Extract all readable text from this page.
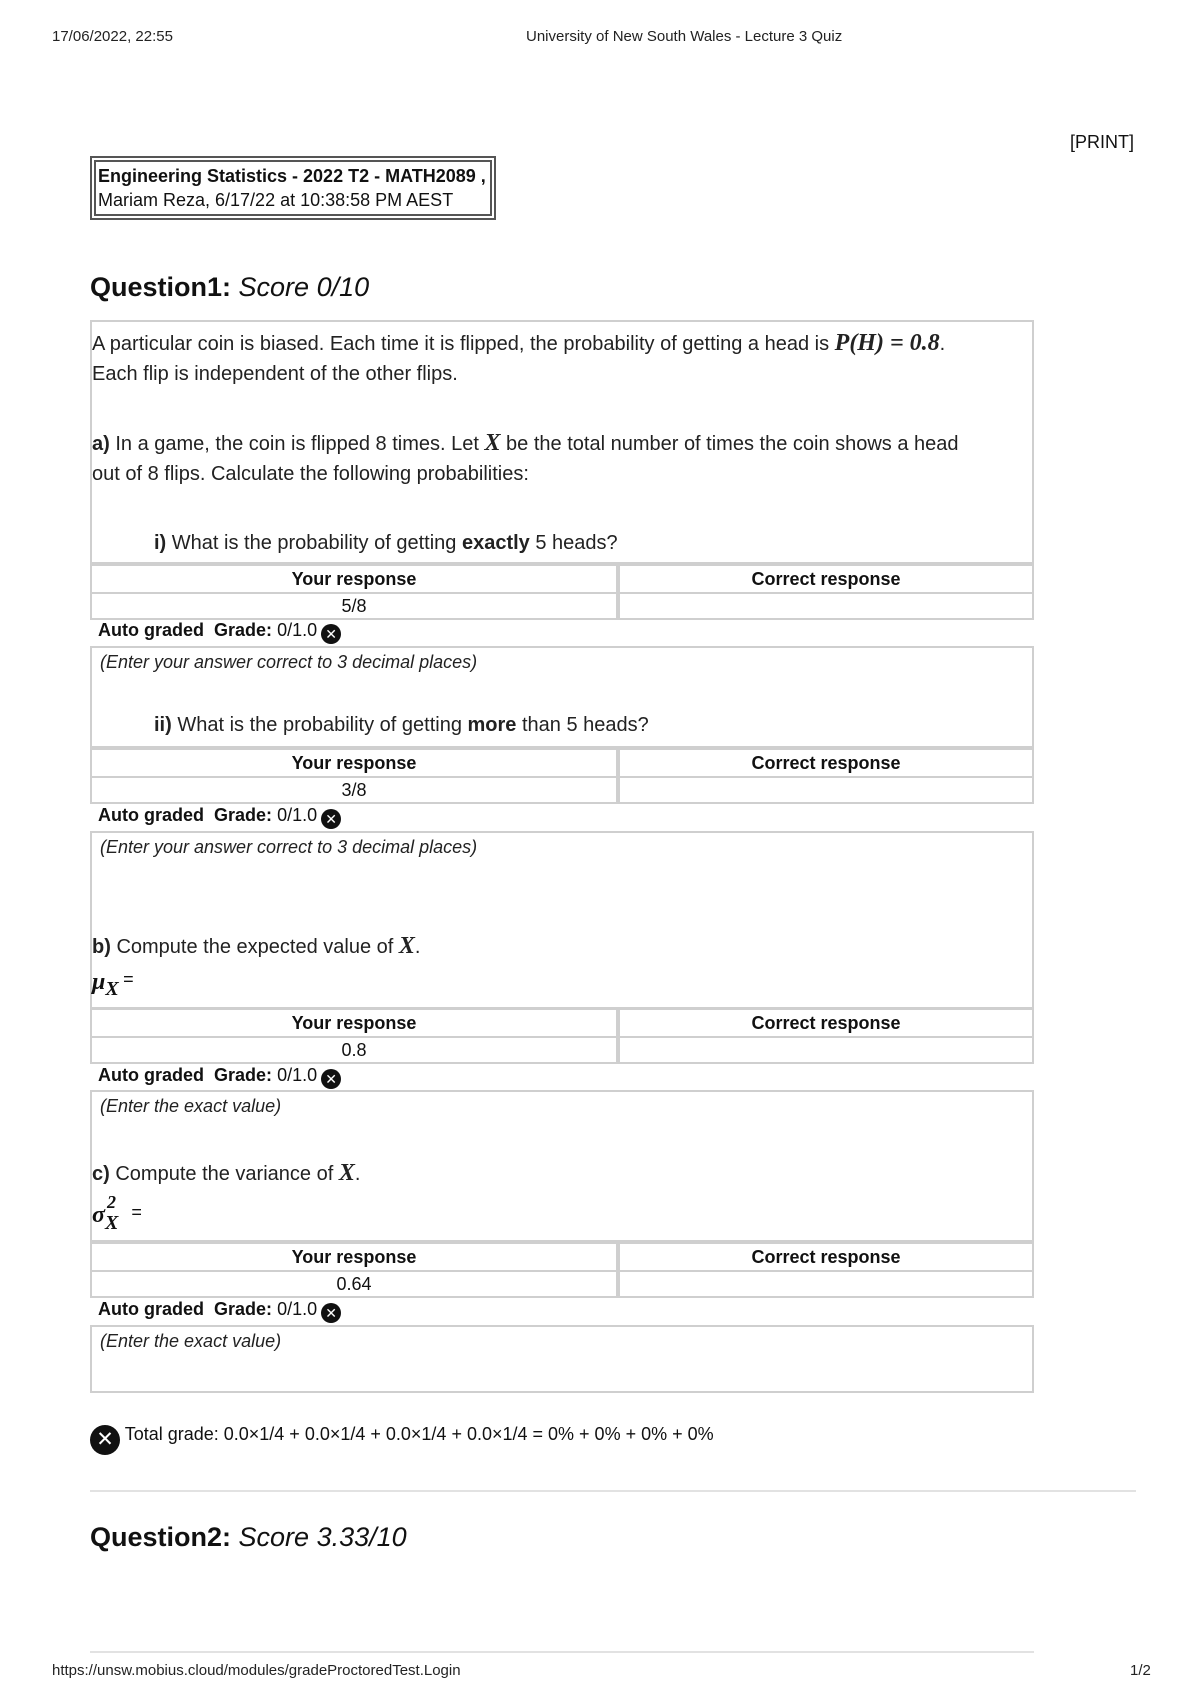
17/06/2022, 22:55	University of New South Wales - Lecture 3 Quiz
[PRINT]
Engineering Statistics - 2022 T2 - MATH2089 ,
Mariam Reza, 6/17/22 at 10:38:58 PM AEST
Question1: Score 0/10
A particular coin is biased. Each time it is flipped, the probability of getting a head is P(H) = 0.8.
Each flip is independent of the other flips.
a) In a game, the coin is flipped 8 times. Let X be the total number of times the coin shows a head
out of 8 flips. Calculate the following probabilities:
i) What is the probability of getting exactly 5 heads?
Your response	Correct response
5/8
Auto graded Grade: 0/1.0 ✕
(Enter your answer correct to 3 decimal places)
ii) What is the probability of getting more than 5 heads?
Your response	Correct response
3/8
Auto graded Grade: 0/1.0 ✕
(Enter your answer correct to 3 decimal places)
b) Compute the expected value of X.
μX =
Your response	Correct response
0.8
Auto graded Grade: 0/1.0 ✕
(Enter the exact value)
c) Compute the variance of X.
σ 2
X =
Your response	Correct response
0.64
Auto graded Grade: 0/1.0 ✕
(Enter the exact value)
✕ Total grade: 0.0×1/4 + 0.0×1/4 + 0.0×1/4 + 0.0×1/4 = 0% + 0% + 0% + 0%
Question2: Score 3.33/10
https://unsw.mobius.cloud/modules/gradeProctoredTest.Login	1/2
